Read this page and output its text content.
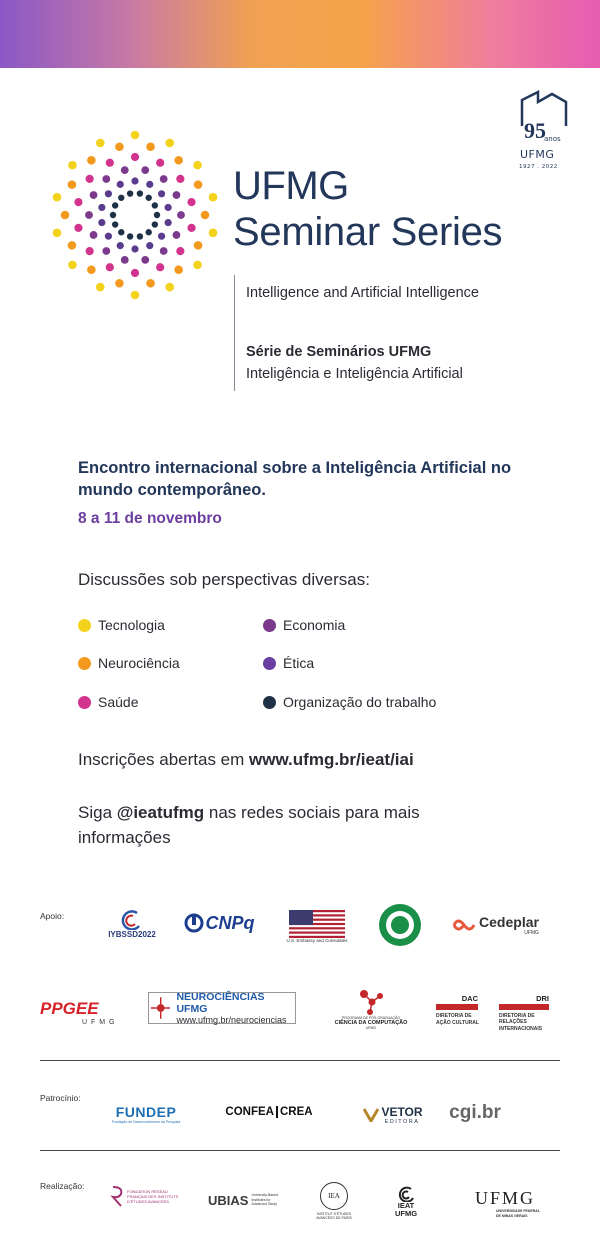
95
anos
UFMG
1927 . 2022
UFMG
Seminar Series
Intelligence and Artificial Intelligence
Série de Seminários UFMG
Inteligência e Inteligência Artificial
Encontro internacional sobre a Inteligência Artificial no mundo contemporâneo.
8 a 11 de novembro
Discussões sob perspectivas diversas:
Tecnologia	Economia
Neurociência	Ética
Saúde	Organização do trabalho
Inscrições abertas em www.ufmg.br/ieat/iai
Siga @ieatufmg nas redes sociais para mais informações
Apoio:
IYBSSD2022
CNPq
U.S. Embassy and Consulates
Cedeplar
UFMG
PPGEE
U F M G
NEUROCIÊNCIAS UFMG
www.ufmg.br/neurociencias	PROGRAMA DE PÓS-GRADUAÇÃO
CIÊNCIA DA COMPUTAÇÃO
UFMG
DAC
DIRETORIA DE AÇÃO CULTURAL
DRI
DIRETORIA DE RELAÇÕES INTERNACIONAIS
Patrocínio:
FUNDEP
Fundação de Desenvolvimento da Pesquisa
CONFEA CREA	VETOR
EDITORA cgi.br
Realização:	FONDATION RÉSEAU FRANÇAIS DES INSTITUTS D'ÉTUDES AVANCÉES	UBIAS University-Based Institutes for Advanced Study
IEA
INSTITUT D'ÉTUDES AVANCÉES DE PARIS
IEAT
UFMG
UFMG
UNIVERSIDADE FEDERAL DE MINAS GERAIS
